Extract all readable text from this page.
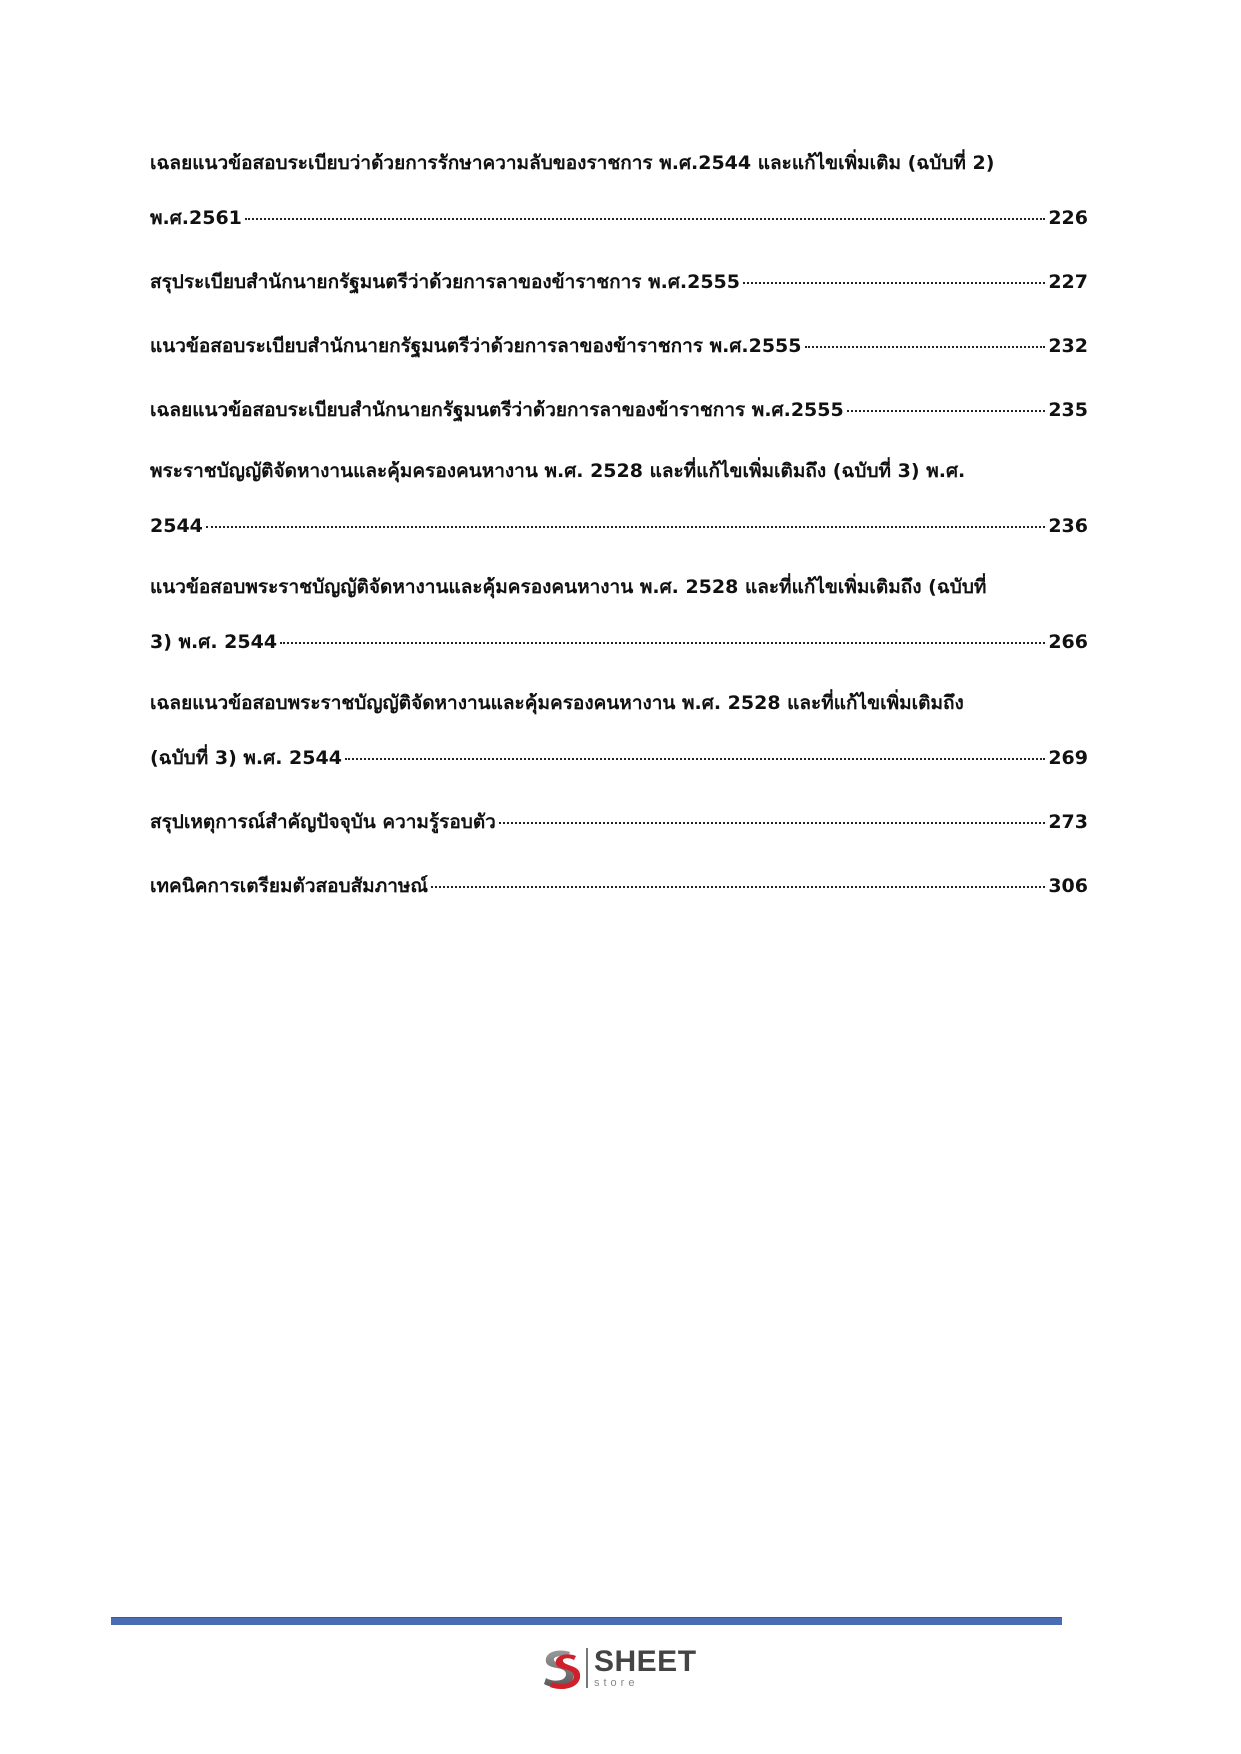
เฉลยแนวข้อสอบระเบียบว่าด้วยการรักษาความลับของราชการ พ.ศ.2544 และแก้ไขเพิ่มเติม (ฉบับที่ 2)
พ.ศ.2561	226
สรุประเบียบสำนักนายกรัฐมนตรีว่าด้วยการลาของข้าราชการ พ.ศ.2555	227
แนวข้อสอบระเบียบสำนักนายกรัฐมนตรีว่าด้วยการลาของข้าราชการ พ.ศ.2555	232
เฉลยแนวข้อสอบระเบียบสำนักนายกรัฐมนตรีว่าด้วยการลาของข้าราชการ พ.ศ.2555	235
พระราชบัญญัติจัดหางานและคุ้มครองคนหางาน พ.ศ. 2528 และที่แก้ไขเพิ่มเติมถึง (ฉบับที่ 3) พ.ศ.
2544	236
แนวข้อสอบพระราชบัญญัติจัดหางานและคุ้มครองคนหางาน พ.ศ. 2528 และที่แก้ไขเพิ่มเติมถึง (ฉบับที่
3) พ.ศ. 2544	266
เฉลยแนวข้อสอบพระราชบัญญัติจัดหางานและคุ้มครองคนหางาน พ.ศ. 2528 และที่แก้ไขเพิ่มเติมถึง
(ฉบับที่ 3) พ.ศ. 2544	269
สรุปเหตุการณ์สำคัญปัจจุบัน ความรู้รอบตัว	273
เทคนิคการเตรียมตัวสอบสัมภาษณ์	306
SHEET
store
